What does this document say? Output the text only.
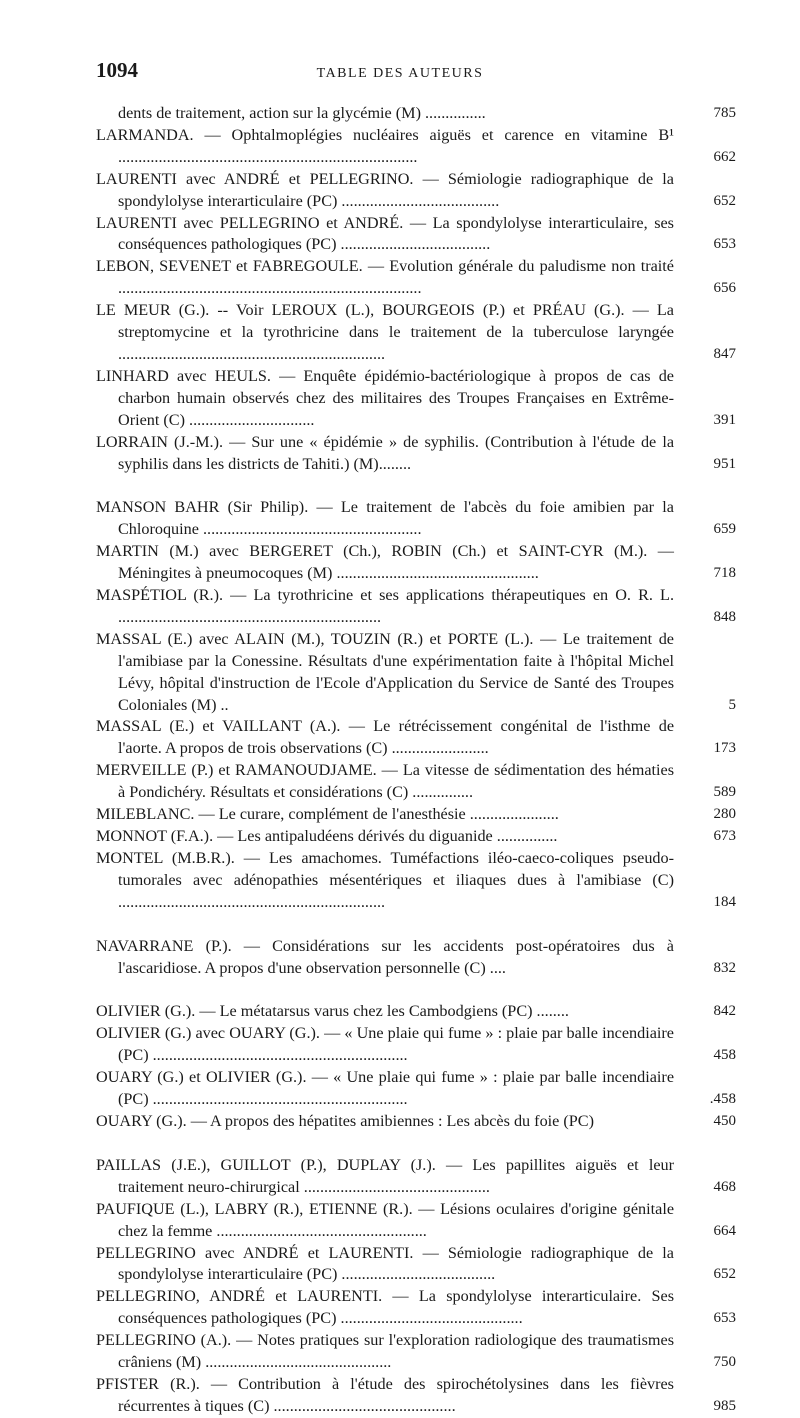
1094	TABLE DES AUTEURS
dents de traitement, action sur la glycémie (M) ...............	785
LARMANDA. — Ophtalmoplégies nucléaires aiguës et carence en vitamine B¹ ..........................................................................	662
LAURENTI avec ANDRÉ et PELLEGRINO. — Sémiologie radiographique de la spondylolyse interarticulaire (PC) .......................................	652
LAURENTI avec PELLEGRINO et ANDRÉ. — La spondylolyse interarticulaire, ses conséquences pathologiques (PC) .....................................	653
LEBON, SEVENET et FABREGOULE. — Evolution générale du paludisme non traité ...........................................................................	656
LE MEUR (G.). -- Voir LEROUX (L.), BOURGEOIS (P.) et PRÉAU (G.). — La streptomycine et la tyrothricine dans le traitement de la tuberculose laryngée ..................................................................	847
LINHARD avec HEULS. — Enquête épidémio-bactériologique à propos de cas de charbon humain observés chez des militaires des Troupes Françaises en Extrême-Orient (C) ...............................	391
LORRAIN (J.-M.). — Sur une « épidémie » de syphilis. (Contribution à l'étude de la syphilis dans les districts de Tahiti.) (M)........	951
MANSON BAHR (Sir Philip). — Le traitement de l'abcès du foie amibien par la Chloroquine ......................................................	659
MARTIN (M.) avec BERGERET (Ch.), ROBIN (Ch.) et SAINT-CYR (M.). — Méningites à pneumocoques (M) ..................................................	718
MASPÉTIOL (R.). — La tyrothricine et ses applications thérapeutiques en O. R. L. .................................................................	848
MASSAL (E.) avec ALAIN (M.), TOUZIN (R.) et PORTE (L.). — Le traitement de l'amibiase par la Conessine. Résultats d'une expérimentation faite à l'hôpital Michel Lévy, hôpital d'instruction de l'Ecole d'Application du Service de Santé des Troupes Coloniales (M) ..	5
MASSAL (E.) et VAILLANT (A.). — Le rétrécissement congénital de l'isthme de l'aorte. A propos de trois observations (C) ........................	173
MERVEILLE (P.) et RAMANOUDJAME. — La vitesse de sédimentation des hématies à Pondichéry. Résultats et considérations (C) ...............	589
MILEBLANC. — Le curare, complément de l'anesthésie ......................	280
MONNOT (F.A.). — Les antipaludéens dérivés du diguanide ...............	673
MONTEL (M.B.R.). — Les amachomes. Tuméfactions iléo-caeco-coliques pseudo-tumorales avec adénopathies mésentériques et iliaques dues à l'amibiase (C) ..................................................................	184
NAVARRANE (P.). — Considérations sur les accidents post-opératoires dus à l'ascaridiose. A propos d'une observation personnelle (C) ....	832
OLIVIER (G.). — Le métatarsus varus chez les Cambodgiens (PC) ........	842
OLIVIER (G.) avec OUARY (G.). — « Une plaie qui fume » : plaie par balle incendiaire (PC) ...............................................................	458
OUARY (G.) et OLIVIER (G.). — « Une plaie qui fume » : plaie par balle incendiaire (PC) ...............................................................	.458
OUARY (G.). — A propos des hépatites amibiennes : Les abcès du foie (PC)	450
PAILLAS (J.E.), GUILLOT (P.), DUPLAY (J.). — Les papillites aiguës et leur traitement neuro-chirurgical ..............................................	468
PAUFIQUE (L.), LABRY (R.), ETIENNE (R.). — Lésions oculaires d'origine génitale chez la femme ....................................................	664
PELLEGRINO avec ANDRÉ et LAURENTI. — Sémiologie radiographique de la spondylolyse interarticulaire (PC) ......................................	652
PELLEGRINO, ANDRÉ et LAURENTI. — La spondylolyse interarticulaire. Ses conséquences pathologiques (PC) .............................................	653
PELLEGRINO (A.). — Notes pratiques sur l'exploration radiologique des traumatismes crâniens (M) ..............................................	750
PFISTER (R.). — Contribution à l'étude des spirochétolysines dans les fièvres récurrentes à tiques (C) .............................................	985
